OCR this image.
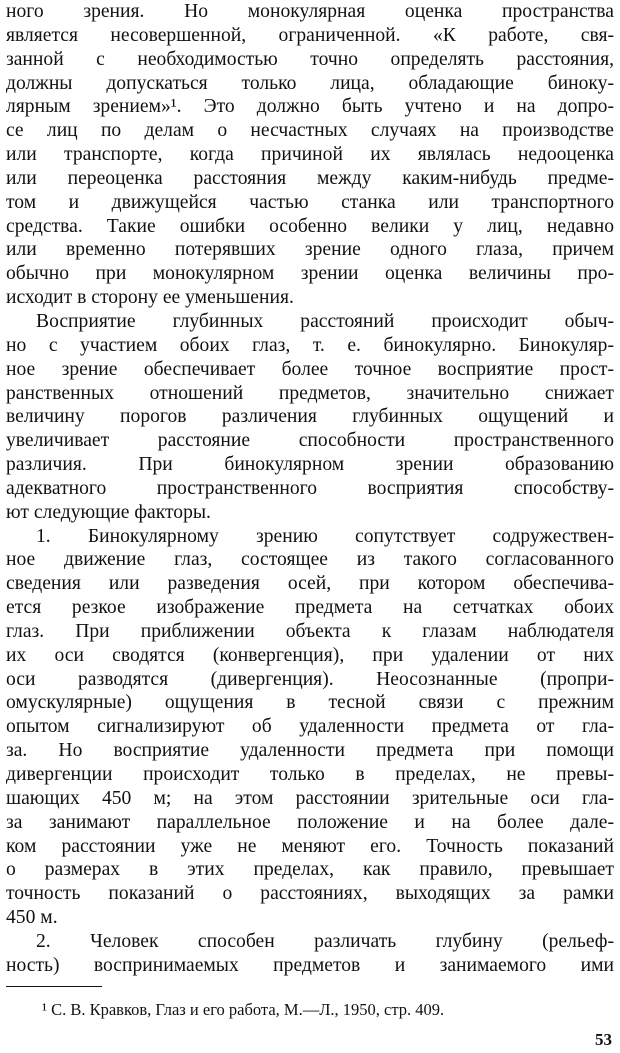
ного зрения. Но монокулярная оценка пространства
является несовершенной, ограниченной. «К работе, свя-
занной с необходимостью точно определять расстояния,
должны допускаться только лица, обладающие бинoку-
лярным зрением»¹. Это должно быть учтено и на допро-
се лиц по делам о несчастных случаях на производстве
или транспорте, когда причиной их являлась недооценка
или переоценка расстояния между каким-нибудь предме-
том и движущейся частью станка или транспортного
средства. Такие ошибки особенно велики у лиц, недавно
или временно потерявших зрение одного глаза, причем
обычно при монокулярном зрении оценка величины про-
исходит в сторону ее уменьшения.
Восприятие глубинных расстояний происходит обыч-
но с участием обоих глаз, т. е. бинокулярно. Бинокуляр-
ное зрение обеспечивает более точное восприятие прост-
ранственных отношений предметов, значительно снижает
величину порогов различения глубинных ощущений и
увеличивает расстояние способности пространственного
различия. При бинокулярном зрении образованию
адекватного пространственного восприятия способству-
ют следующие факторы.
1. Бинокулярному зрению сопутствует содружествен-
ное движение глаз, состоящее из такого согласованного
сведения или разведения осей, при котором обеспечива-
ется резкое изображение предмета на сетчатках обоих
глаз. При приближении объекта к глазам наблюдателя
их оси сводятся (конвергенция), при удалении от них
оси разводятся (дивергенция). Неосознанные (пропри-
омускулярные) ощущения в тесной связи с прежним
опытом сигнализируют об удаленности предмета от гла-
за. Но восприятие удаленности предмета при помощи
дивергенции происходит только в пределах, не превы-
шающих 450 м; на этом расстоянии зрительные оси гла-
за занимают параллельное положение и на более дале-
ком расстоянии уже не меняют его. Точность показаний
о размерах в этих пределах, как правило, превышает
точность показаний о расстояниях, выходящих за рамки
450 м.
2. Человек способен различать глубину (рельеф-
ность) воспринимаемых предметов и занимаемого ими
¹ С. В. Кравков, Глаз и его работа, М.—Л., 1950, стр. 409.
53
